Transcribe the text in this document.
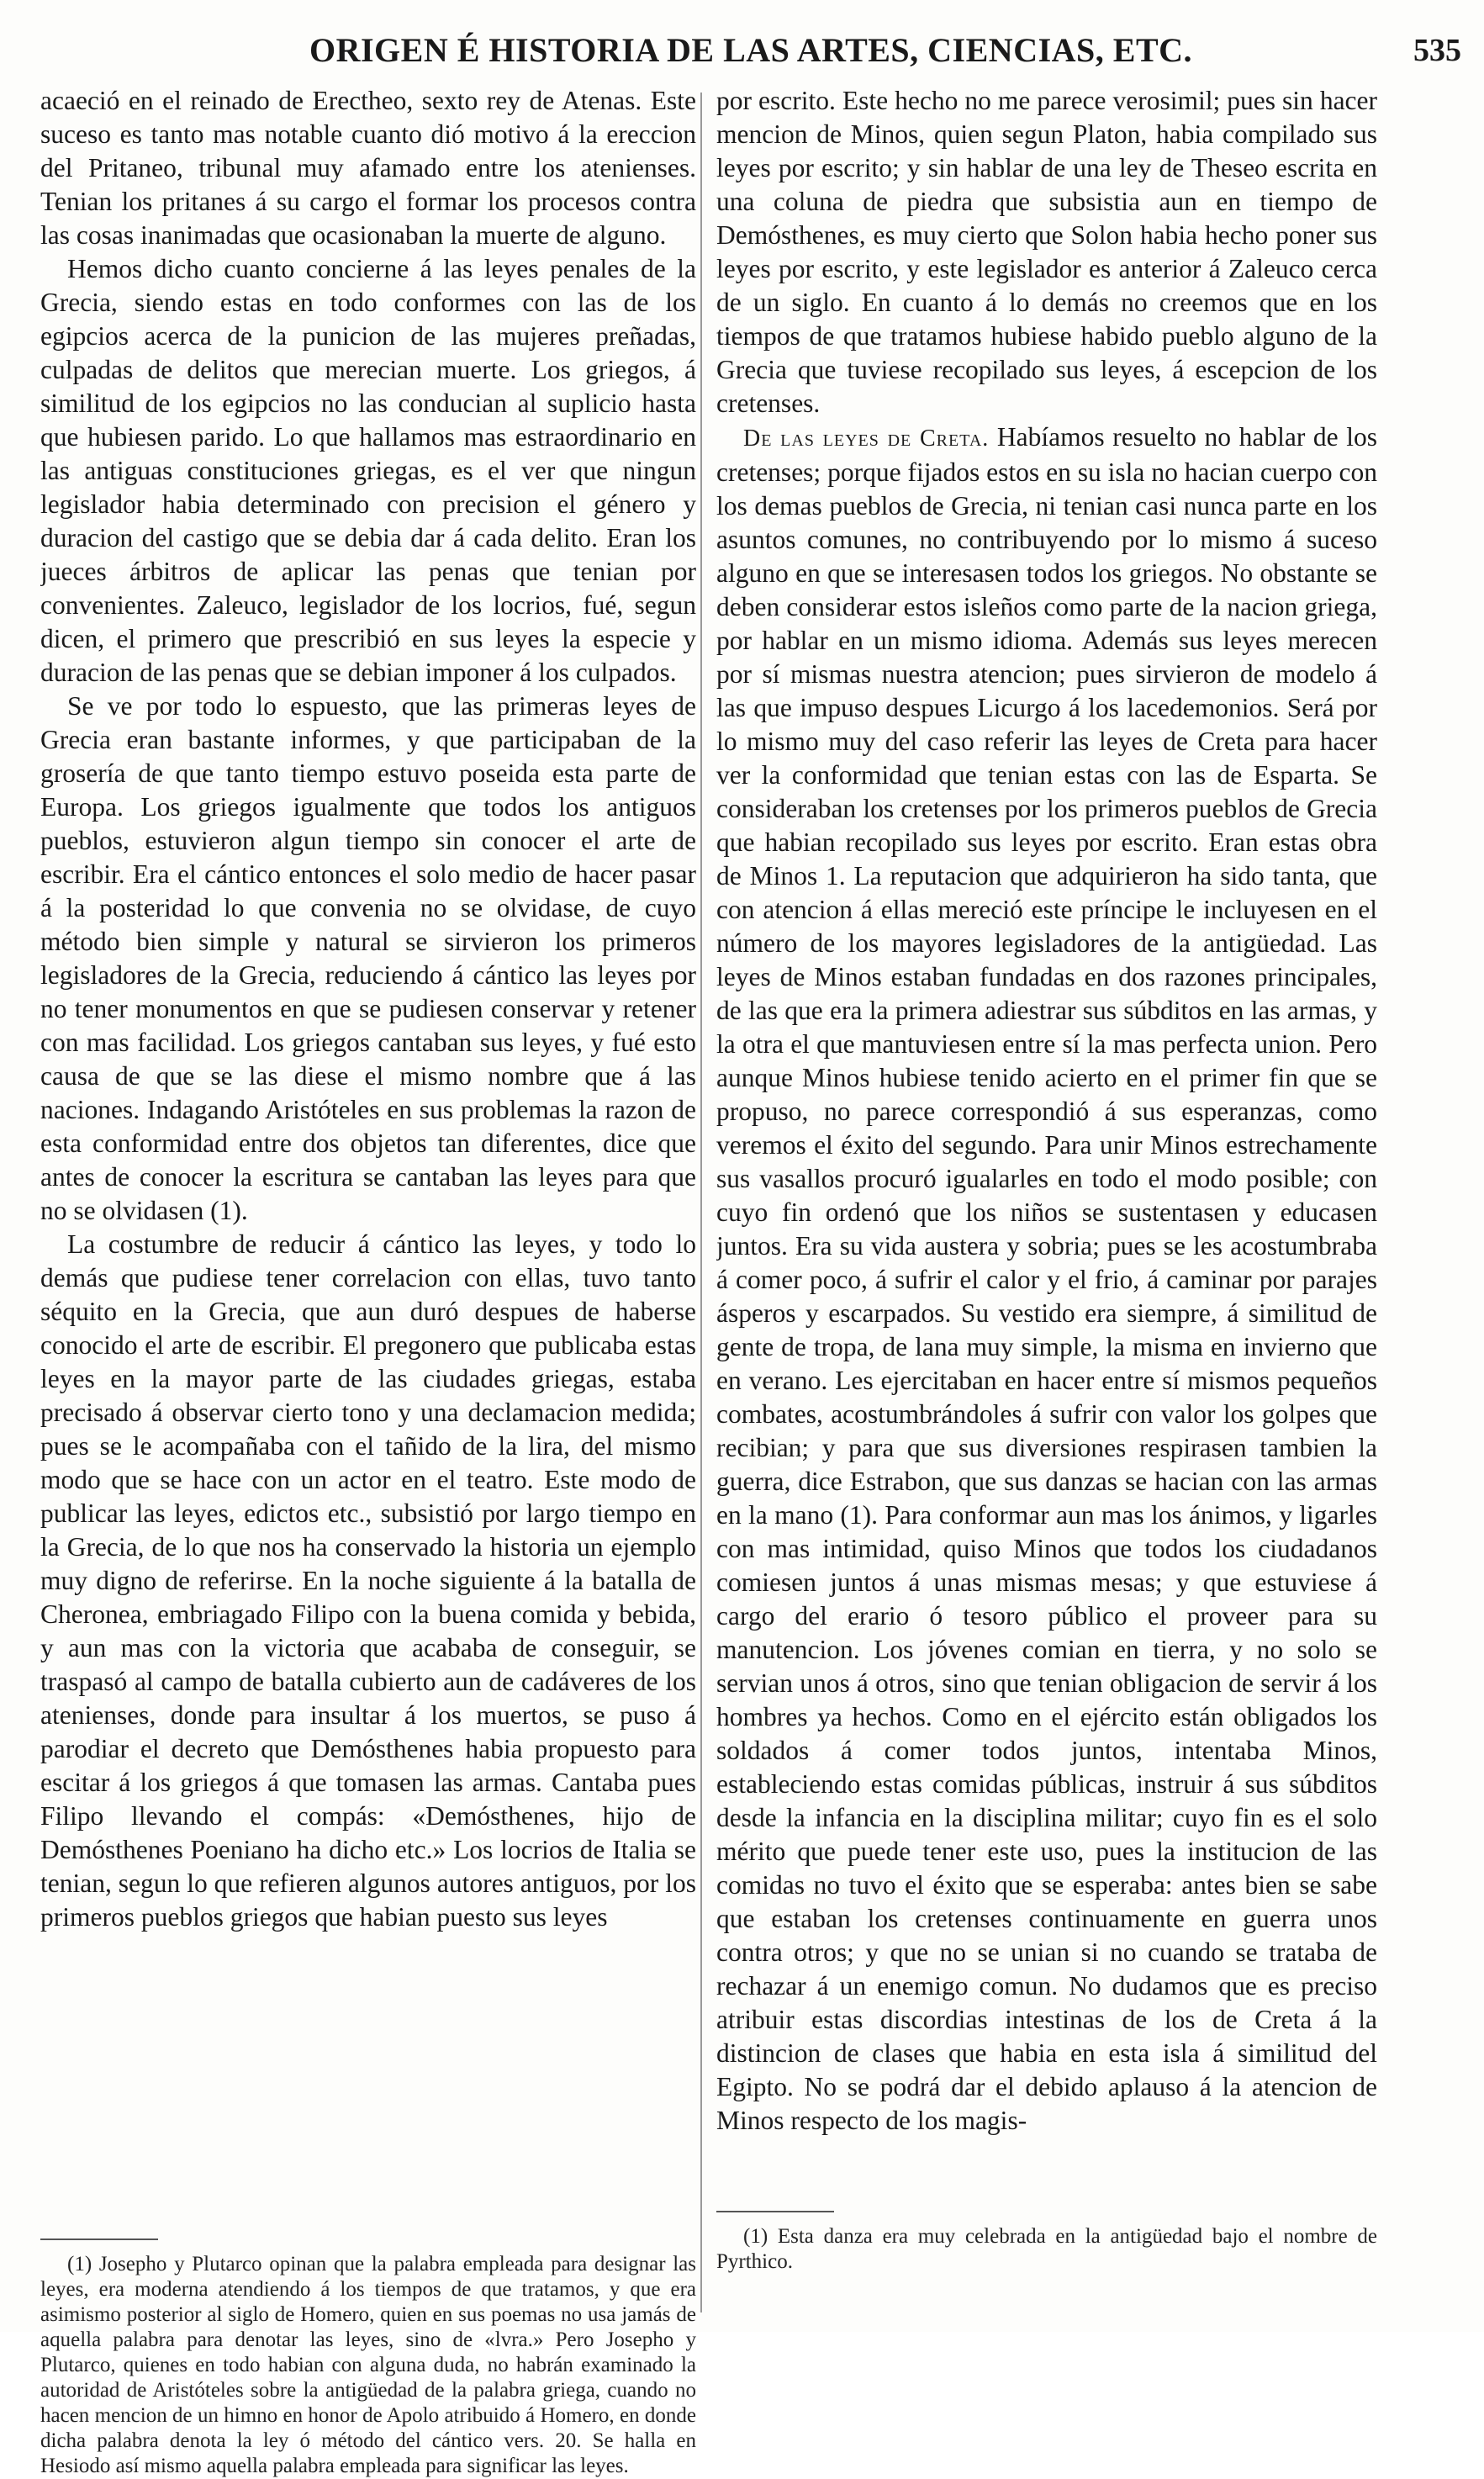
ORIGEN É HISTORIA DE LAS ARTES, CIENCIAS, ETC.	535

acaeció en el reinado de Erectheo, sexto rey de Atenas. Este suceso es tanto mas notable cuanto dió motivo á la ereccion del Pritaneo, tribunal muy afamado entre los atenienses. Tenian los pritanes á su cargo el formar los procesos contra las cosas inanimadas que ocasionaban la muerte de alguno.

Hemos dicho cuanto concierne á las leyes penales de la Grecia, siendo estas en todo conformes con las de los egipcios acerca de la punicion de las mujeres preñadas, culpadas de delitos que merecian muerte. Los griegos, á similitud de los egipcios no las conducian al suplicio hasta que hubiesen parido. Lo que hallamos mas estraordinario en las antiguas constituciones griegas, es el ver que ningun legislador habia determinado con precision el género y duracion del castigo que se debia dar á cada delito. Eran los jueces árbitros de aplicar las penas que tenian por convenientes. Zaleuco, legislador de los locrios, fué, segun dicen, el primero que prescribió en sus leyes la especie y duracion de las penas que se debian imponer á los culpados.

Se ve por todo lo espuesto, que las primeras leyes de Grecia eran bastante informes, y que participaban de la grosería de que tanto tiempo estuvo poseida esta parte de Europa. Los griegos igualmente que todos los antiguos pueblos, estuvieron algun tiempo sin conocer el arte de escribir. Era el cántico entonces el solo medio de hacer pasar á la posteridad lo que convenia no se olvidase, de cuyo método bien simple y natural se sirvieron los primeros legisladores de la Grecia, reduciendo á cántico las leyes por no tener monumentos en que se pudiesen conservar y retener con mas facilidad. Los griegos cantaban sus leyes, y fué esto causa de que se las diese el mismo nombre que á las naciones. Indagando Aristóteles en sus problemas la razon de esta conformidad entre dos objetos tan diferentes, dice que antes de conocer la escritura se cantaban las leyes para que no se olvidasen (1).

La costumbre de reducir á cántico las leyes, y todo lo demás que pudiese tener correlacion con ellas, tuvo tanto séquito en la Grecia, que aun duró despues de haberse conocido el arte de escribir. El pregonero que publicaba estas leyes en la mayor parte de las ciudades griegas, estaba precisado á observar cierto tono y una declamacion medida; pues se le acompañaba con el tañido de la lira, del mismo modo que se hace con un actor en el teatro. Este modo de publicar las leyes, edictos etc., subsistió por largo tiempo en la Grecia, de lo que nos ha conservado la historia un ejemplo muy digno de referirse. En la noche siguiente á la batalla de Cheronea, embriagado Filipo con la buena comida y bebida, y aun mas con la victoria que acababa de conseguir, se traspasó al campo de batalla cubierto aun de cadáveres de los atenienses, donde para insultar á los muertos, se puso á parodiar el decreto que Demósthenes habia propuesto para escitar á los griegos á que tomasen las armas. Cantaba pues Filipo llevando el compás: «Demósthenes, hijo de Demósthenes Poeniano ha dicho etc.» Los locrios de Italia se tenian, segun lo que refieren algunos autores antiguos, por los primeros pueblos griegos que habian puesto sus leyes

(1) Josepho y Plutarco opinan que la palabra empleada para designar las leyes, era moderna atendiendo á los tiempos de que tratamos, y que era asimismo posterior al siglo de Homero, quien en sus poemas no usa jamás de aquella palabra para denotar las leyes, sino de «lvra.» Pero Josepho y Plutarco, quienes en todo habian con alguna duda, no habrán examinado la autoridad de Aristóteles sobre la antigüedad de la palabra griega, cuando no hacen mencion de un himno en honor de Apolo atribuido á Homero, en donde dicha palabra denota la ley ó método del cántico vers. 20. Se halla en Hesiodo así mismo aquella palabra empleada para significar las leyes.

por escrito. Este hecho no me parece verosimil; pues sin hacer mencion de Minos, quien segun Platon, habia compilado sus leyes por escrito; y sin hablar de una ley de Theseo escrita en una coluna de piedra que subsistia aun en tiempo de Demósthenes, es muy cierto que Solon habia hecho poner sus leyes por escrito, y este legislador es anterior á Zaleuco cerca de un siglo. En cuanto á lo demás no creemos que en los tiempos de que tratamos hubiese habido pueblo alguno de la Grecia que tuviese recopilado sus leyes, á escepcion de los cretenses.

De las leyes de Creta. Habíamos resuelto no hablar de los cretenses; porque fijados estos en su isla no hacian cuerpo con los demas pueblos de Grecia, ni tenian casi nunca parte en los asuntos comunes, no contribuyendo por lo mismo á suceso alguno en que se interesasen todos los griegos. No obstante se deben considerar estos isleños como parte de la nacion griega, por hablar en un mismo idioma. Además sus leyes merecen por sí mismas nuestra atencion; pues sirvieron de modelo á las que impuso despues Licurgo á los lacedemonios. Será por lo mismo muy del caso referir las leyes de Creta para hacer ver la conformidad que tenian estas con las de Esparta. Se consideraban los cretenses por los primeros pueblos de Grecia que habian recopilado sus leyes por escrito. Eran estas obra de Minos 1. La reputacion que adquirieron ha sido tanta, que con atencion á ellas mereció este príncipe le incluyesen en el número de los mayores legisladores de la antigüedad. Las leyes de Minos estaban fundadas en dos razones principales, de las que era la primera adiestrar sus súbditos en las armas, y la otra el que mantuviesen entre sí la mas perfecta union. Pero aunque Minos hubiese tenido acierto en el primer fin que se propuso, no parece correspondió á sus esperanzas, como veremos el éxito del segundo. Para unir Minos estrechamente sus vasallos procuró igualarles en todo el modo posible; con cuyo fin ordenó que los niños se sustentasen y educasen juntos. Era su vida austera y sobria; pues se les acostumbraba á comer poco, á sufrir el calor y el frio, á caminar por parajes ásperos y escarpados. Su vestido era siempre, á similitud de gente de tropa, de lana muy simple, la misma en invierno que en verano. Les ejercitaban en hacer entre sí mismos pequeños combates, acostumbrándoles á sufrir con valor los golpes que recibian; y para que sus diversiones respirasen tambien la guerra, dice Estrabon, que sus danzas se hacian con las armas en la mano (1). Para conformar aun mas los ánimos, y ligarles con mas intimidad, quiso Minos que todos los ciudadanos comiesen juntos á unas mismas mesas; y que estuviese á cargo del erario ó tesoro público el proveer para su manutencion. Los jóvenes comian en tierra, y no solo se servian unos á otros, sino que tenian obligacion de servir á los hombres ya hechos. Como en el ejército están obligados los soldados á comer todos juntos, intentaba Minos, estableciendo estas comidas públicas, instruir á sus súbditos desde la infancia en la disciplina militar; cuyo fin es el solo mérito que puede tener este uso, pues la institucion de las comidas no tuvo el éxito que se esperaba: antes bien se sabe que estaban los cretenses continuamente en guerra unos contra otros; y que no se unian si no cuando se trataba de rechazar á un enemigo comun. No dudamos que es preciso atribuir estas discordias intestinas de los de Creta á la distincion de clases que habia en esta isla á similitud del Egipto. No se podrá dar el debido aplauso á la atencion de Minos respecto de los magis-

(1) Esta danza era muy celebrada en la antigüedad bajo el nombre de Pyrthico.
